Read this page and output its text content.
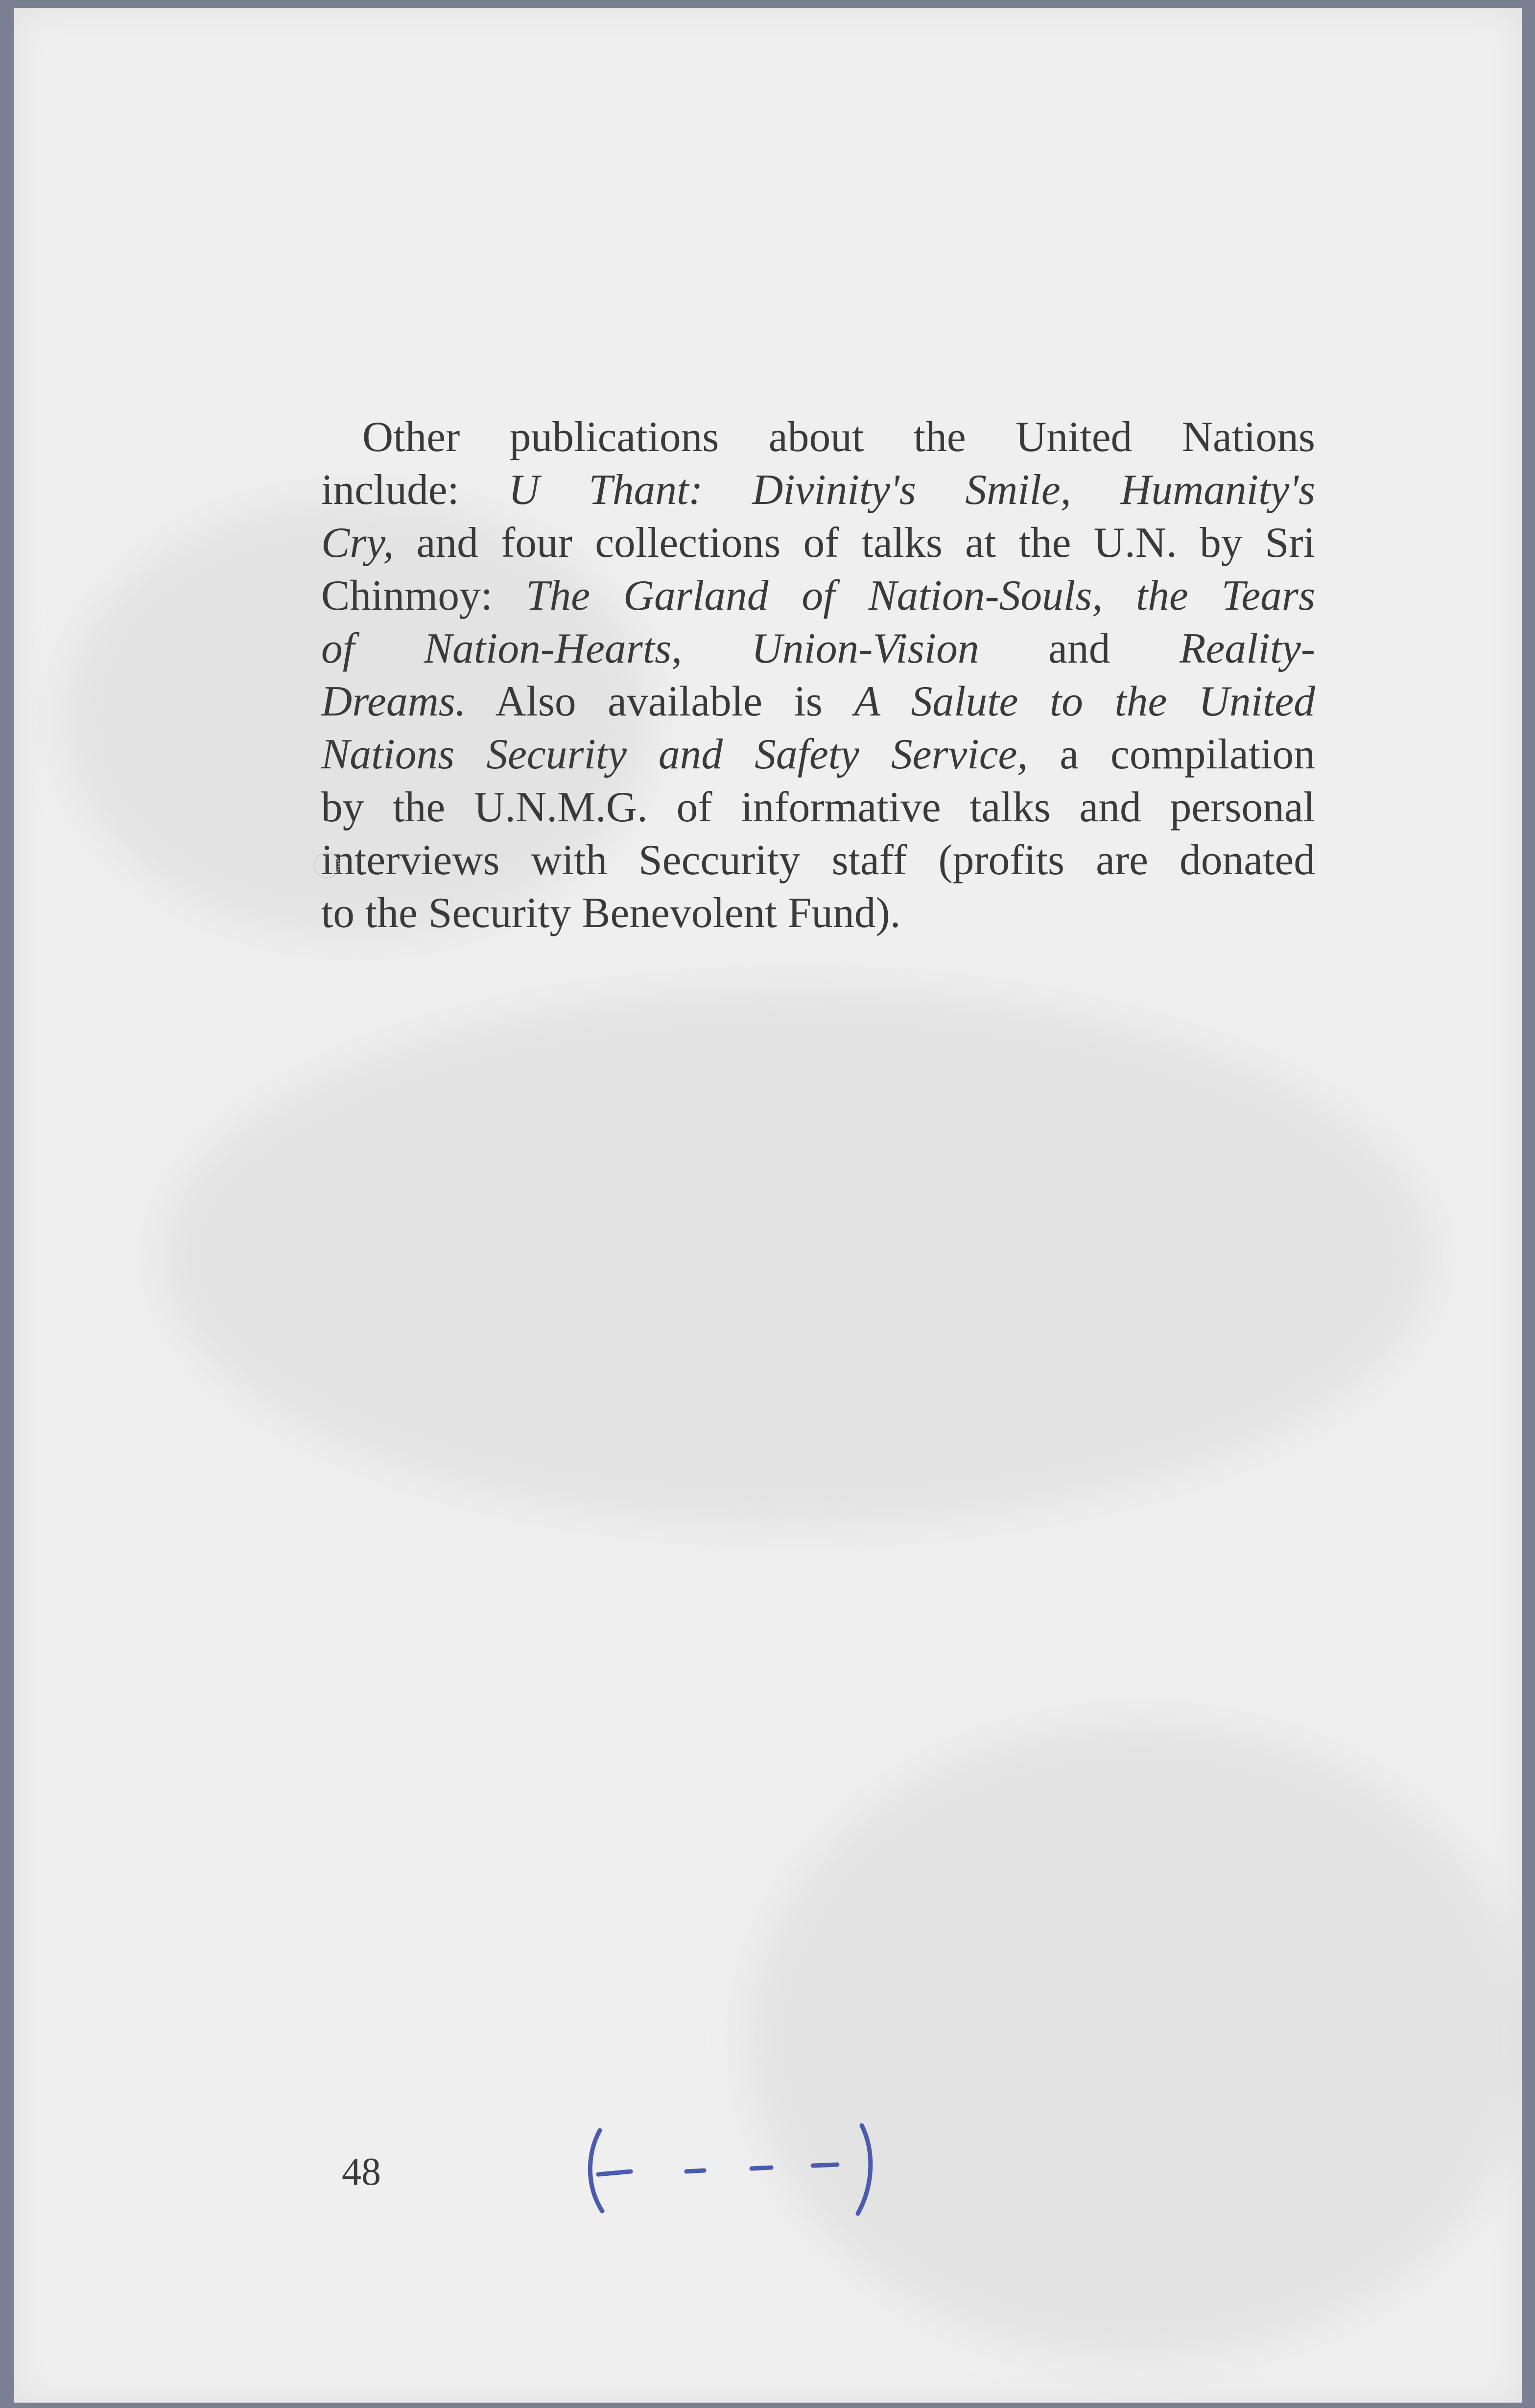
Other publications about the United Nations
include: U Thant: Divinity's Smile, Humanity's
Cry, and four collections of talks at the U.N. by Sri
Chinmoy: The Garland of Nation-Souls, the Tears
of Nation-Hearts, Union-Vision and Reality-
Dreams. Also available is A Salute to the United
Nations Security and Safety Service, a compilation
by the U.N.M.G. of informative talks and personal
interviews with Seccurity staff (profits are donated
to the Security Benevolent Fund).
48
